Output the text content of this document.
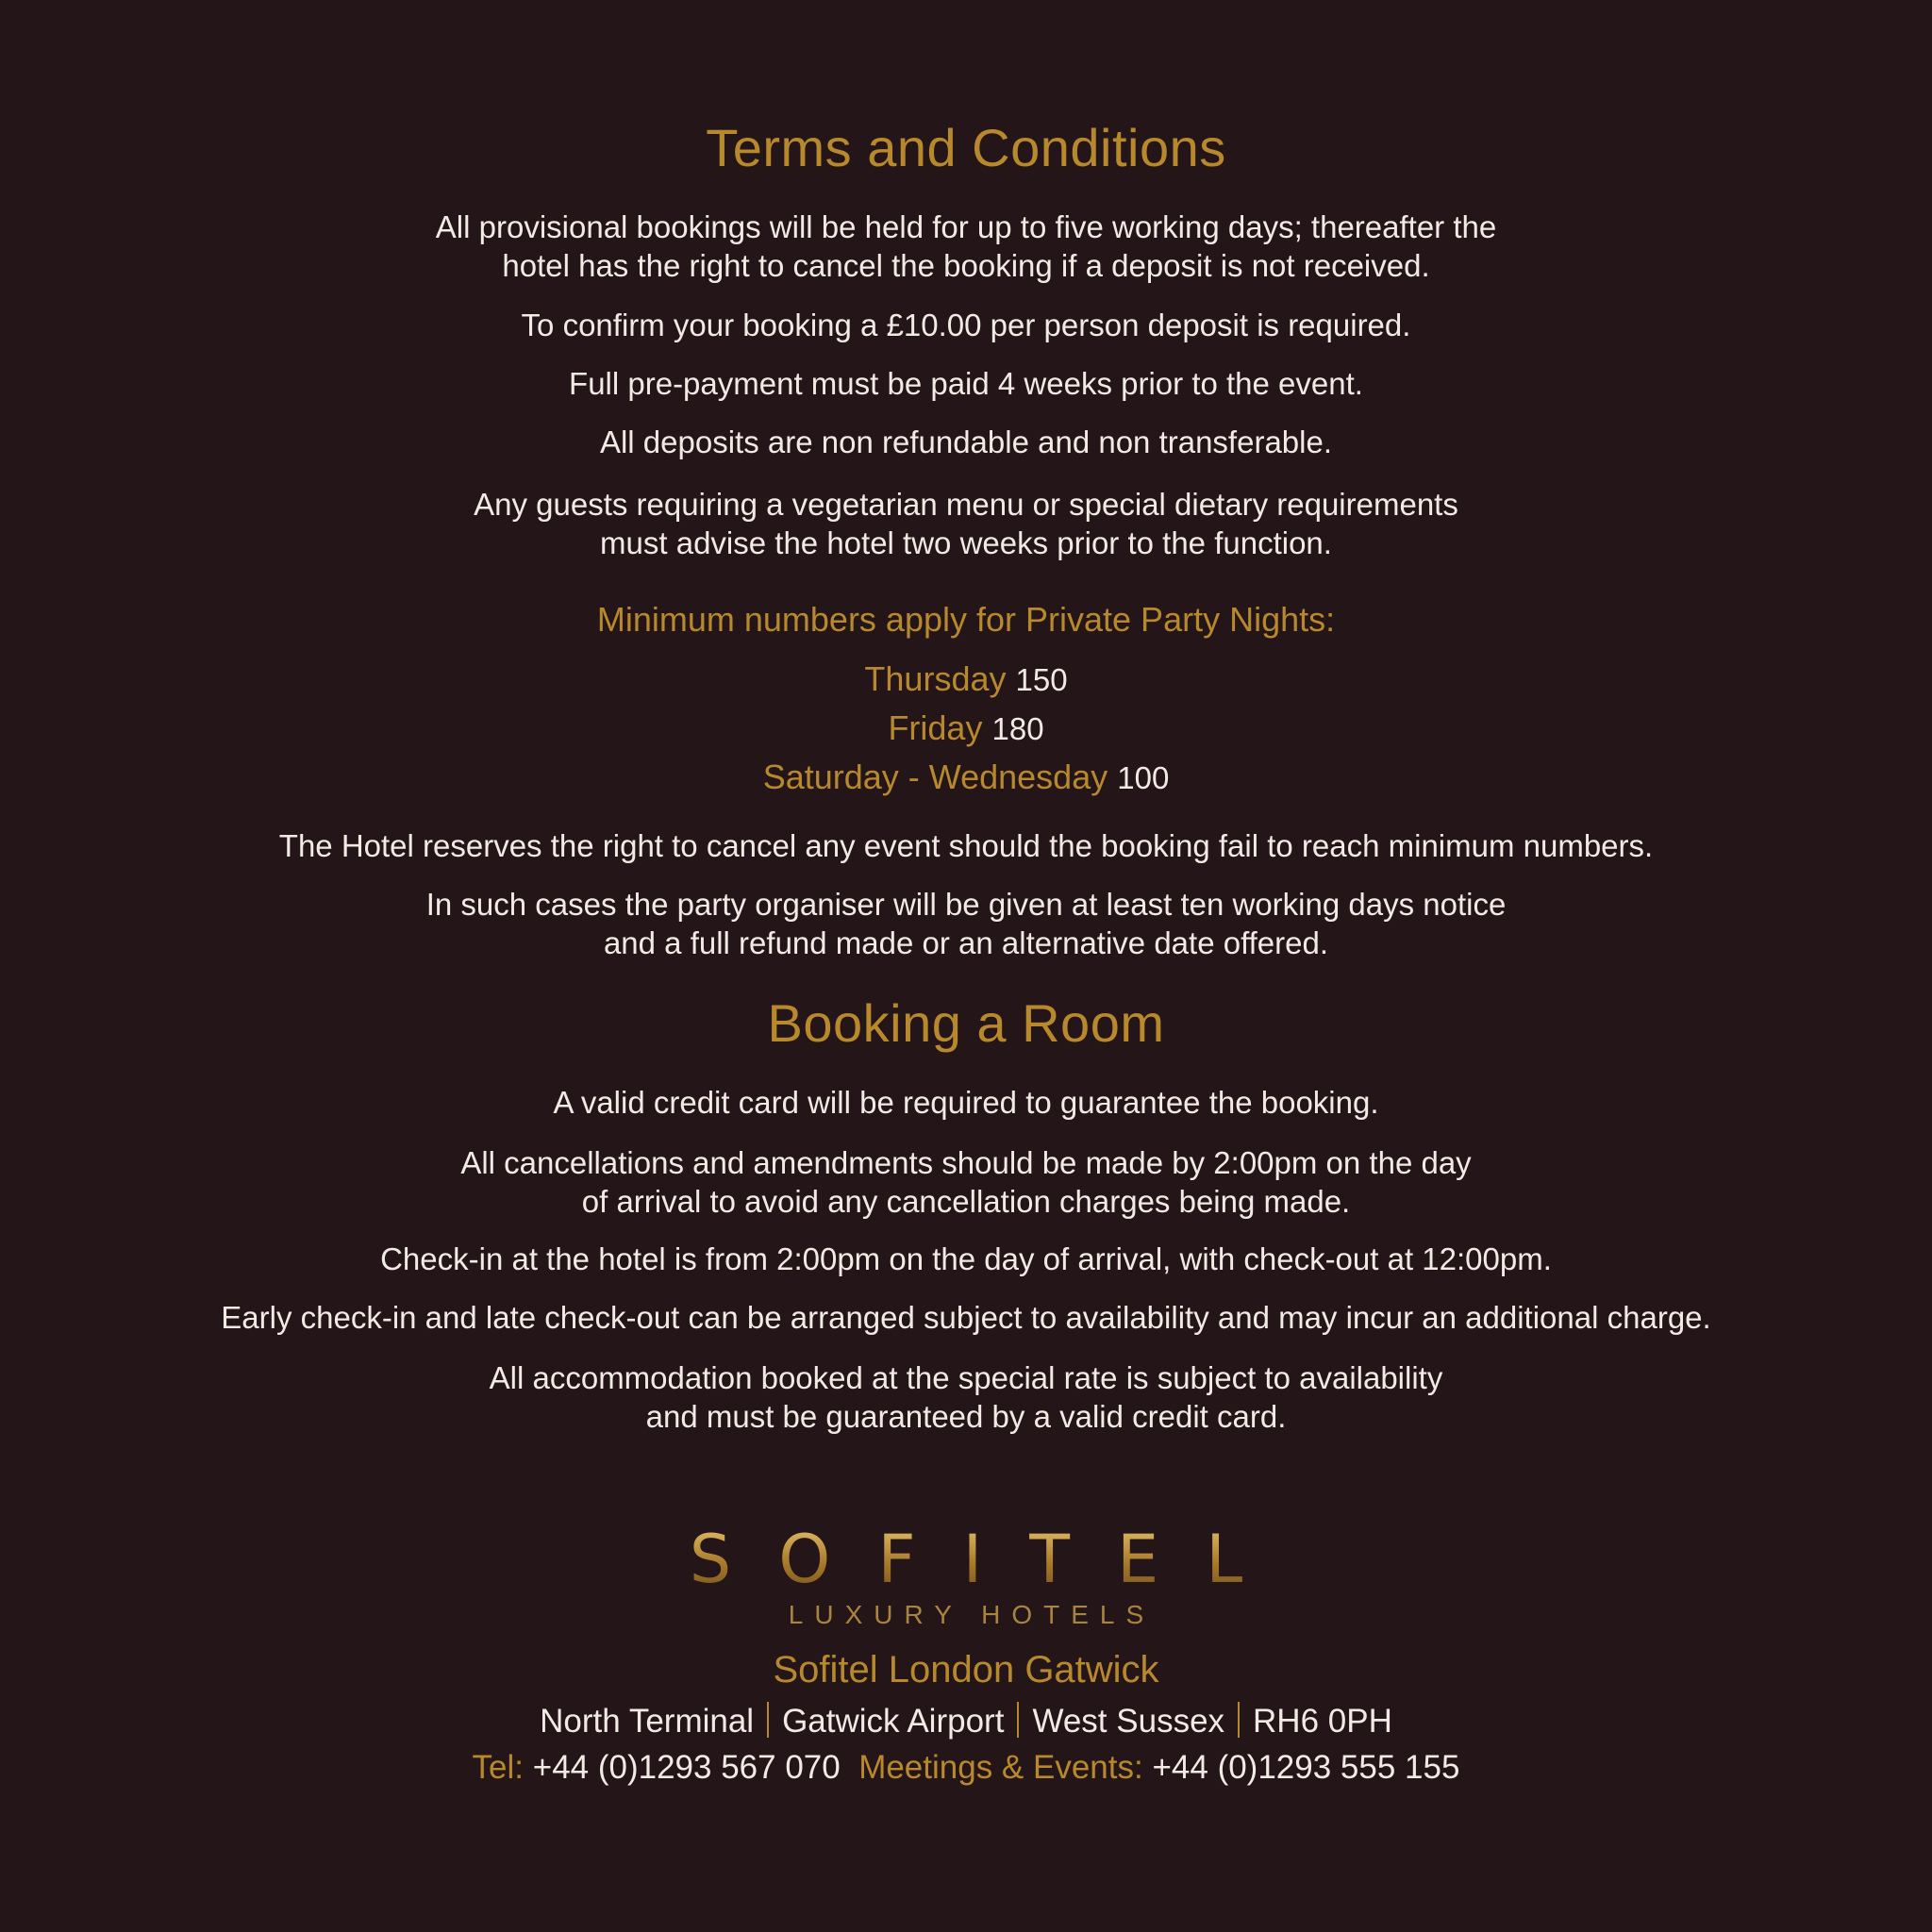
Terms and Conditions

All provisional bookings will be held for up to five working days; thereafter the
hotel has the right to cancel the booking if a deposit is not received.

To confirm your booking a £10.00 per person deposit is required.

Full pre-payment must be paid 4 weeks prior to the event.

All deposits are non refundable and non transferable.

Any guests requiring a vegetarian menu or special dietary requirements
must advise the hotel two weeks prior to the function.

Minimum numbers apply for Private Party Nights:

Thursday 150

Friday 180

Saturday - Wednesday 100

The Hotel reserves the right to cancel any event should the booking fail to reach minimum numbers.

In such cases the party organiser will be given at least ten working days notice
and a full refund made or an alternative date offered.

Booking a Room

A valid credit card will be required to guarantee the booking.

All cancellations and amendments should be made by 2:00pm on the day
of arrival to avoid any cancellation charges being made.

Check-in at the hotel is from 2:00pm on the day of arrival, with check-out at 12:00pm.

Early check-in and late check-out can be arranged subject to availability and may incur an additional charge.

All accommodation booked at the special rate is subject to availability
and must be guaranteed by a valid credit card.

SOFITEL

LUXURY HOTELS

Sofitel London Gatwick

North Terminal Gatwick Airport West Sussex RH6 0PH

Tel: +44 (0)1293 567 070 Meetings & Events: +44 (0)1293 555 155
